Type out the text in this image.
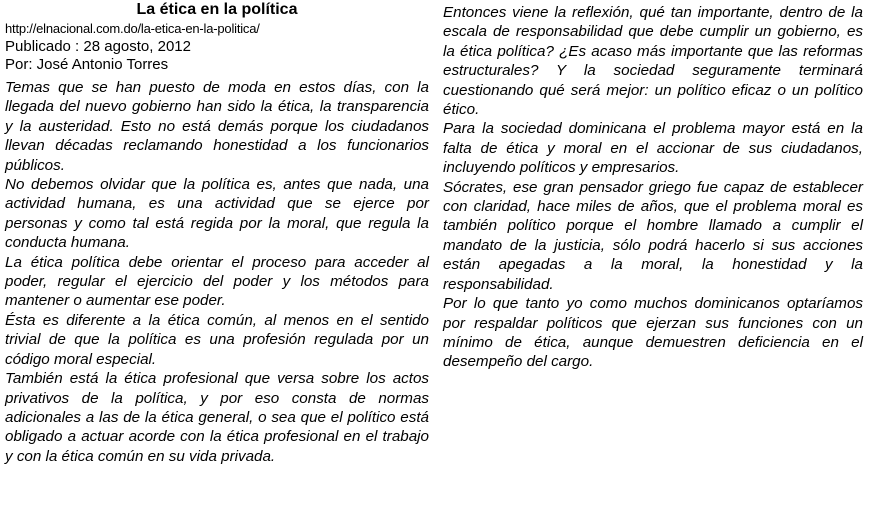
La ética en la política

http://elnacional.com.do/la-etica-en-la-politica/

Publicado : 28 agosto, 2012

Por: José Antonio Torres

Temas que se han puesto de moda en estos días, con la llegada del nuevo gobierno han sido la ética, la transparencia y la austeridad. Esto no está demás porque los ciudadanos llevan décadas reclamando honestidad a los funcionarios públicos.

No debemos olvidar que la política es, antes que nada, una actividad humana, es una actividad que se ejerce por personas y como tal está regida por la moral, que regula la conducta humana.

La ética política debe orientar el proceso para acceder al poder, regular el ejercicio del poder y los métodos para mantener o aumentar ese poder.

Ésta es diferente a la ética común, al menos en el sentido trivial de que la política es una profesión regulada por un código moral especial.

También está la ética profesional que versa sobre los actos privativos de la política, y por eso consta de normas adicionales a las de la ética general, o sea que el político está obligado a actuar acorde con la ética profesional en el trabajo y con la ética común en su vida privada.

Entonces viene la reflexión, qué tan importante, dentro de la escala de responsabilidad que debe cumplir un gobierno, es la ética política? ¿Es acaso más importante que las reformas estructurales? Y la sociedad seguramente terminará cuestionando qué será mejor: un político eficaz o un político ético.

Para la sociedad dominicana el problema mayor está en la falta de ética y moral en el accionar de sus ciudadanos, incluyendo políticos y empresarios.

Sócrates, ese gran pensador griego fue capaz de establecer con claridad, hace miles de años, que el problema moral es también político porque el hombre llamado a cumplir el mandato de la justicia, sólo podrá hacerlo si sus acciones están apegadas a la moral, la honestidad y la responsabilidad.

Por lo que tanto yo como muchos dominicanos optaríamos por respaldar políticos que ejerzan sus funciones con un mínimo de ética, aunque demuestren deficiencia en el desempeño del cargo.
